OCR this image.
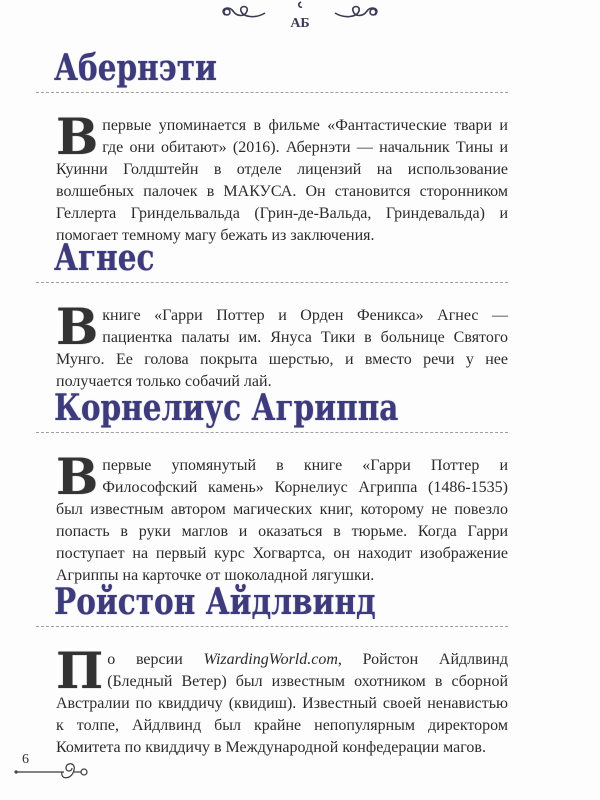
АБ
Абернэти
Впервые упоминается в фильме «Фантастические твари и где они обитают» (2016). Абернэти — начальник Тины и Куинни Голдштейн в отделе лицензий на использование волшебных палочек в МАКУСА. Он становится сторонником Геллерта Гриндельвальда (Грин-де-Вальда, Гриндевальда) и помогает темному магу бежать из заключения.
Агнес
В книге «Гарри Поттер и Орден Феникса» Агнес — пациентка палаты им. Януса Тики в больнице Святого Мунго. Ее голова покрыта шерстью, и вместо речи у нее получается только собачий лай.
Корнелиус Агриппа
Впервые упомянутый в книге «Гарри Поттер и Философский камень» Корнелиус Агриппа (1486-1535) был известным автором магических книг, которому не повезло попасть в руки маглов и оказаться в тюрьме. Когда Гарри поступает на первый курс Хогвартса, он находит изображение Агриппы на карточке от шоколадной лягушки.
Ройстон Айдлвинд
По версии WizardingWorld.com, Ройстон Айдлвинд (Бледный Ветер) был известным охотником в сборной Австралии по квиддичу (квидиш). Известный своей ненавистью к толпе, Айдлвинд был крайне непопулярным директором Комитета по квиддичу в Международной конфедерации магов.
6
